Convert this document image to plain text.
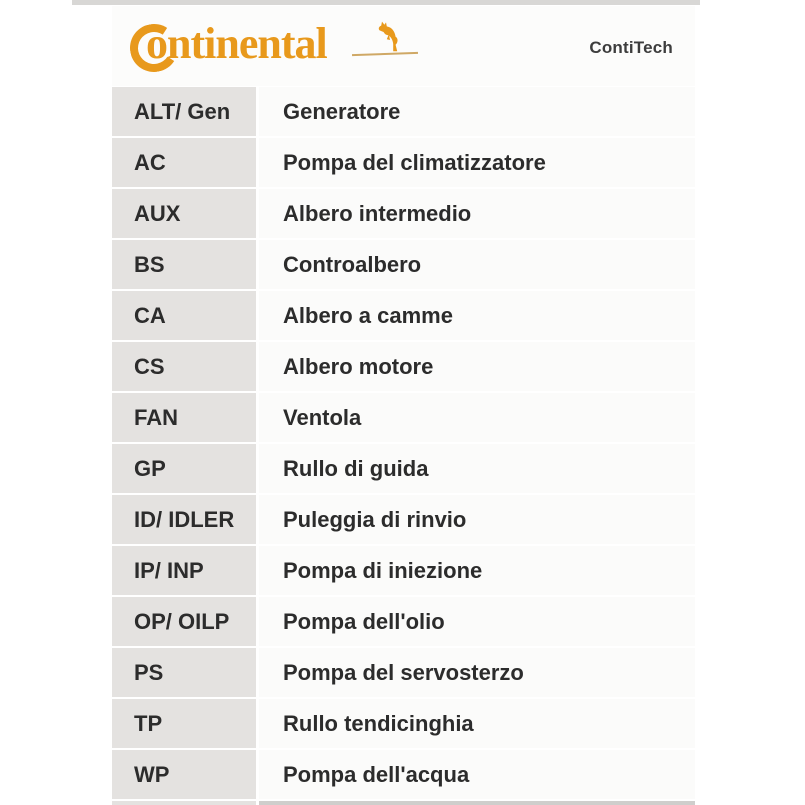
ontinental	ContiTech
ALT/ Gen	Generatore
AC	Pompa del climatizzatore
AUX	Albero intermedio
BS	Controalbero
CA	Albero a camme
CS	Albero motore
FAN	Ventola
GP	Rullo di guida
ID/ IDLER	Puleggia di rinvio
IP/ INP	Pompa di iniezione
OP/ OILP	Pompa dell'olio
PS	Pompa del servosterzo
TP	Rullo tendicinghia
WP	Pompa dell'acqua
